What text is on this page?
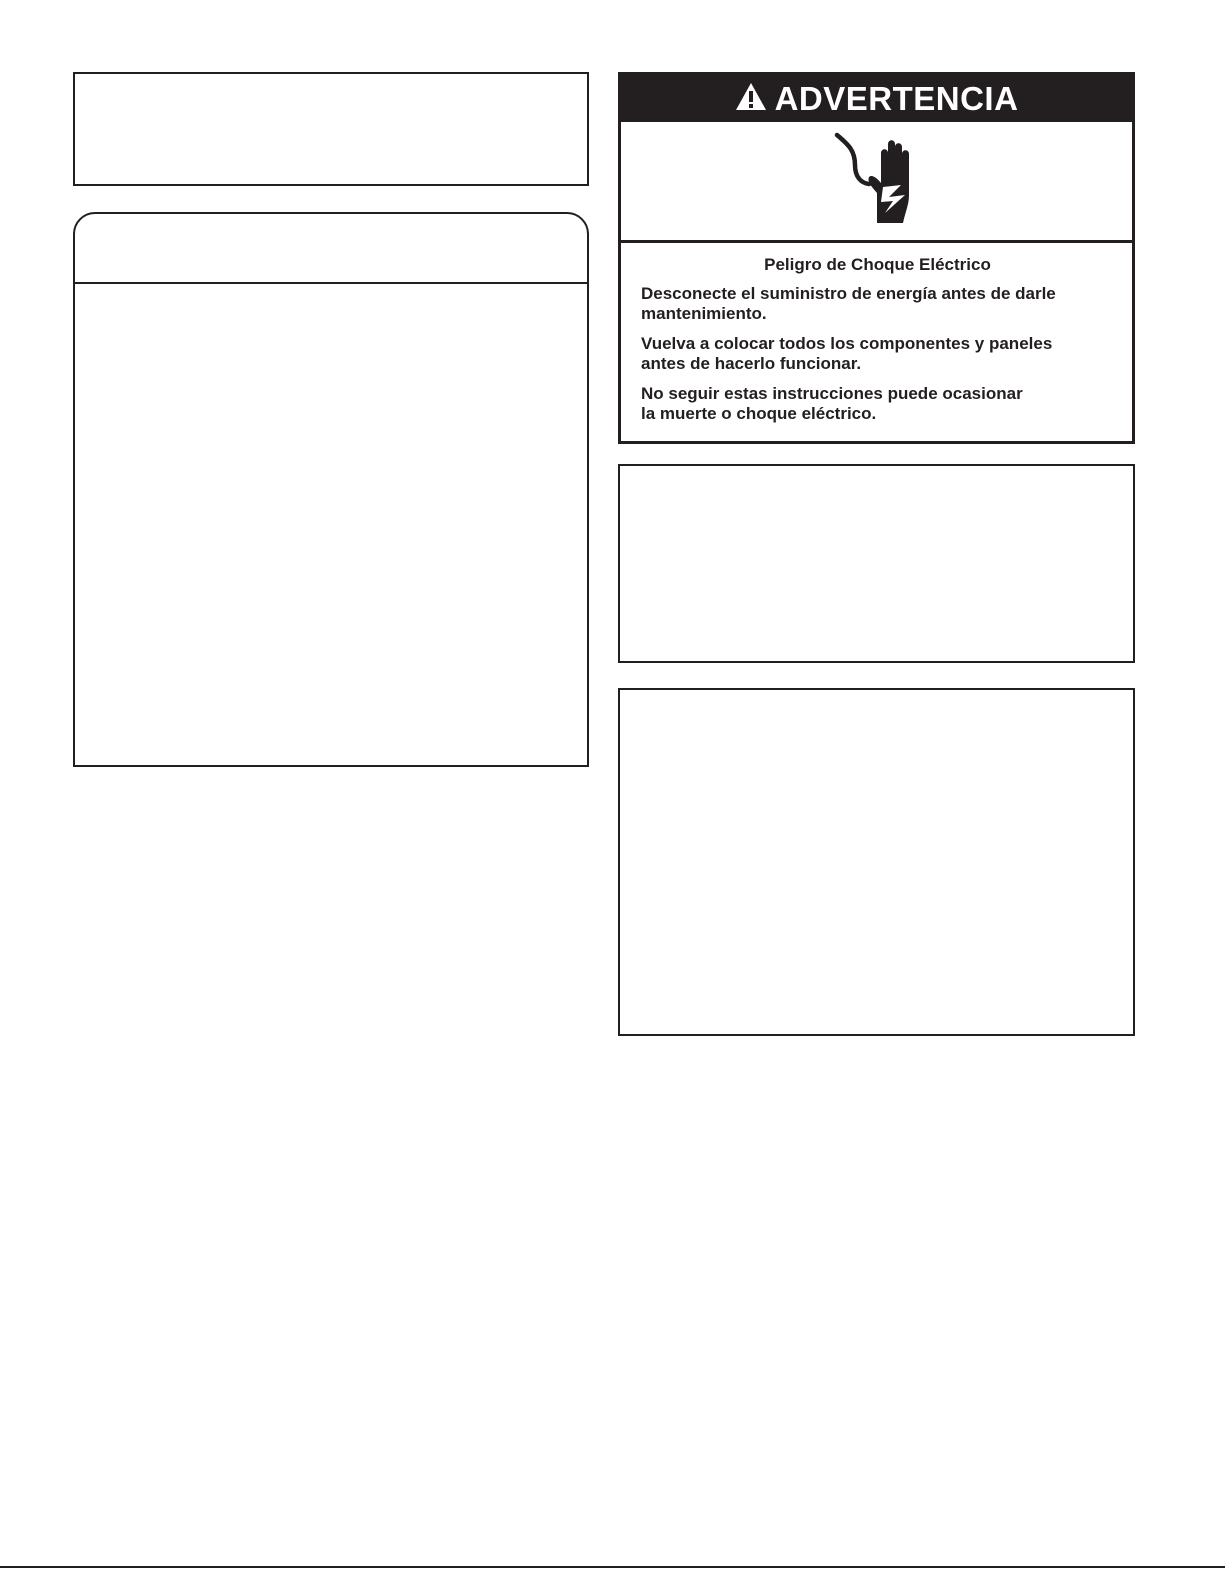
ADVERTENCIA

Peligro de Choque Eléctrico

Desconecte el suministro de energía antes de darle
mantenimiento.

Vuelva a colocar todos los componentes y paneles
antes de hacerlo funcionar.

No seguir estas instrucciones puede ocasionar
la muerte o choque eléctrico.
